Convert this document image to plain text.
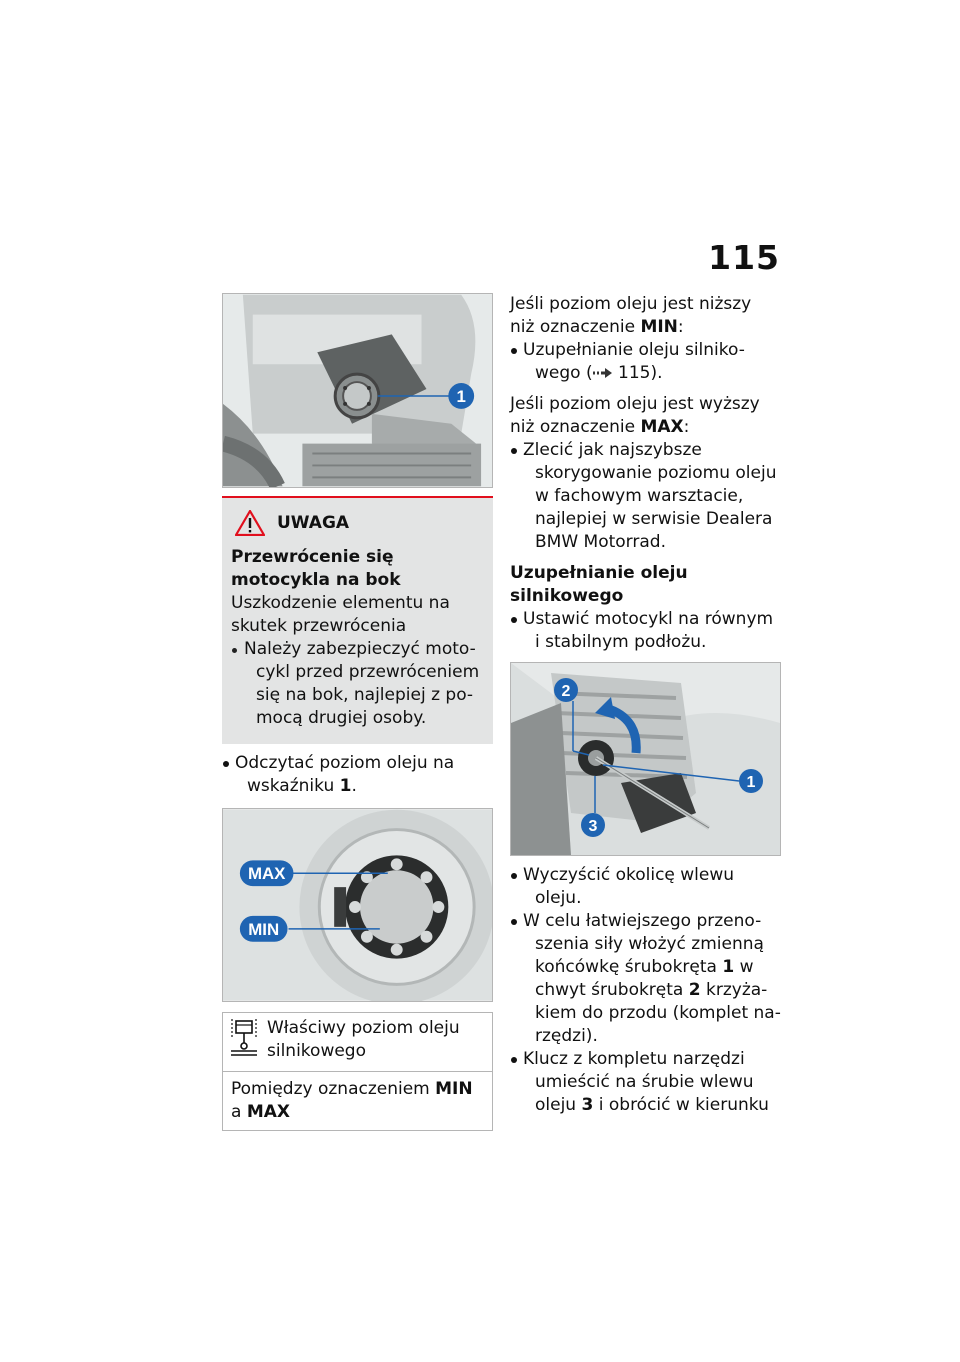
115
1
UWAGA

Przewrócenie się motocykla na bok

Uszkodzenie elementu na skutek przewrócenia

Należy zabezpieczyć moto-
cykl przed przewróceniem
się na bok, najlepiej z po-
mocą drugiej osoby.
Odczytać poziom oleju na
wskaźniku 1.
MAX
MIN
Właściwy poziom oleju silnikowego
Pomiędzy oznaczeniem MIN
a MAX

Jeśli poziom oleju jest niższy
niż oznaczenie MIN:

Uzupełnianie oleju silniko-
wego ( 115).

Jeśli poziom oleju jest wyższy
niż oznaczenie MAX:

Zlecić jak najszybsze
skorygowanie poziomu oleju
w fachowym warsztacie,
najlepiej w serwisie Dealera
BMW Motorrad.

Uzupełnianie oleju
silnikowego

Ustawić motocykl na równym
i stabilnym podłożu.
2
1
3
Wyczyścić okolicę wlewu
oleju.
W celu łatwiejszego przeno-
szenia siły włożyć zmienną
końcówkę śrubokręta 1 w
chwyt śrubokręta 2 krzyża-
kiem do przodu (komplet na-
rzędzi).
Klucz z kompletu narzędzi
umieścić na śrubie wlewu
oleju 3 i obrócić w kierunku
